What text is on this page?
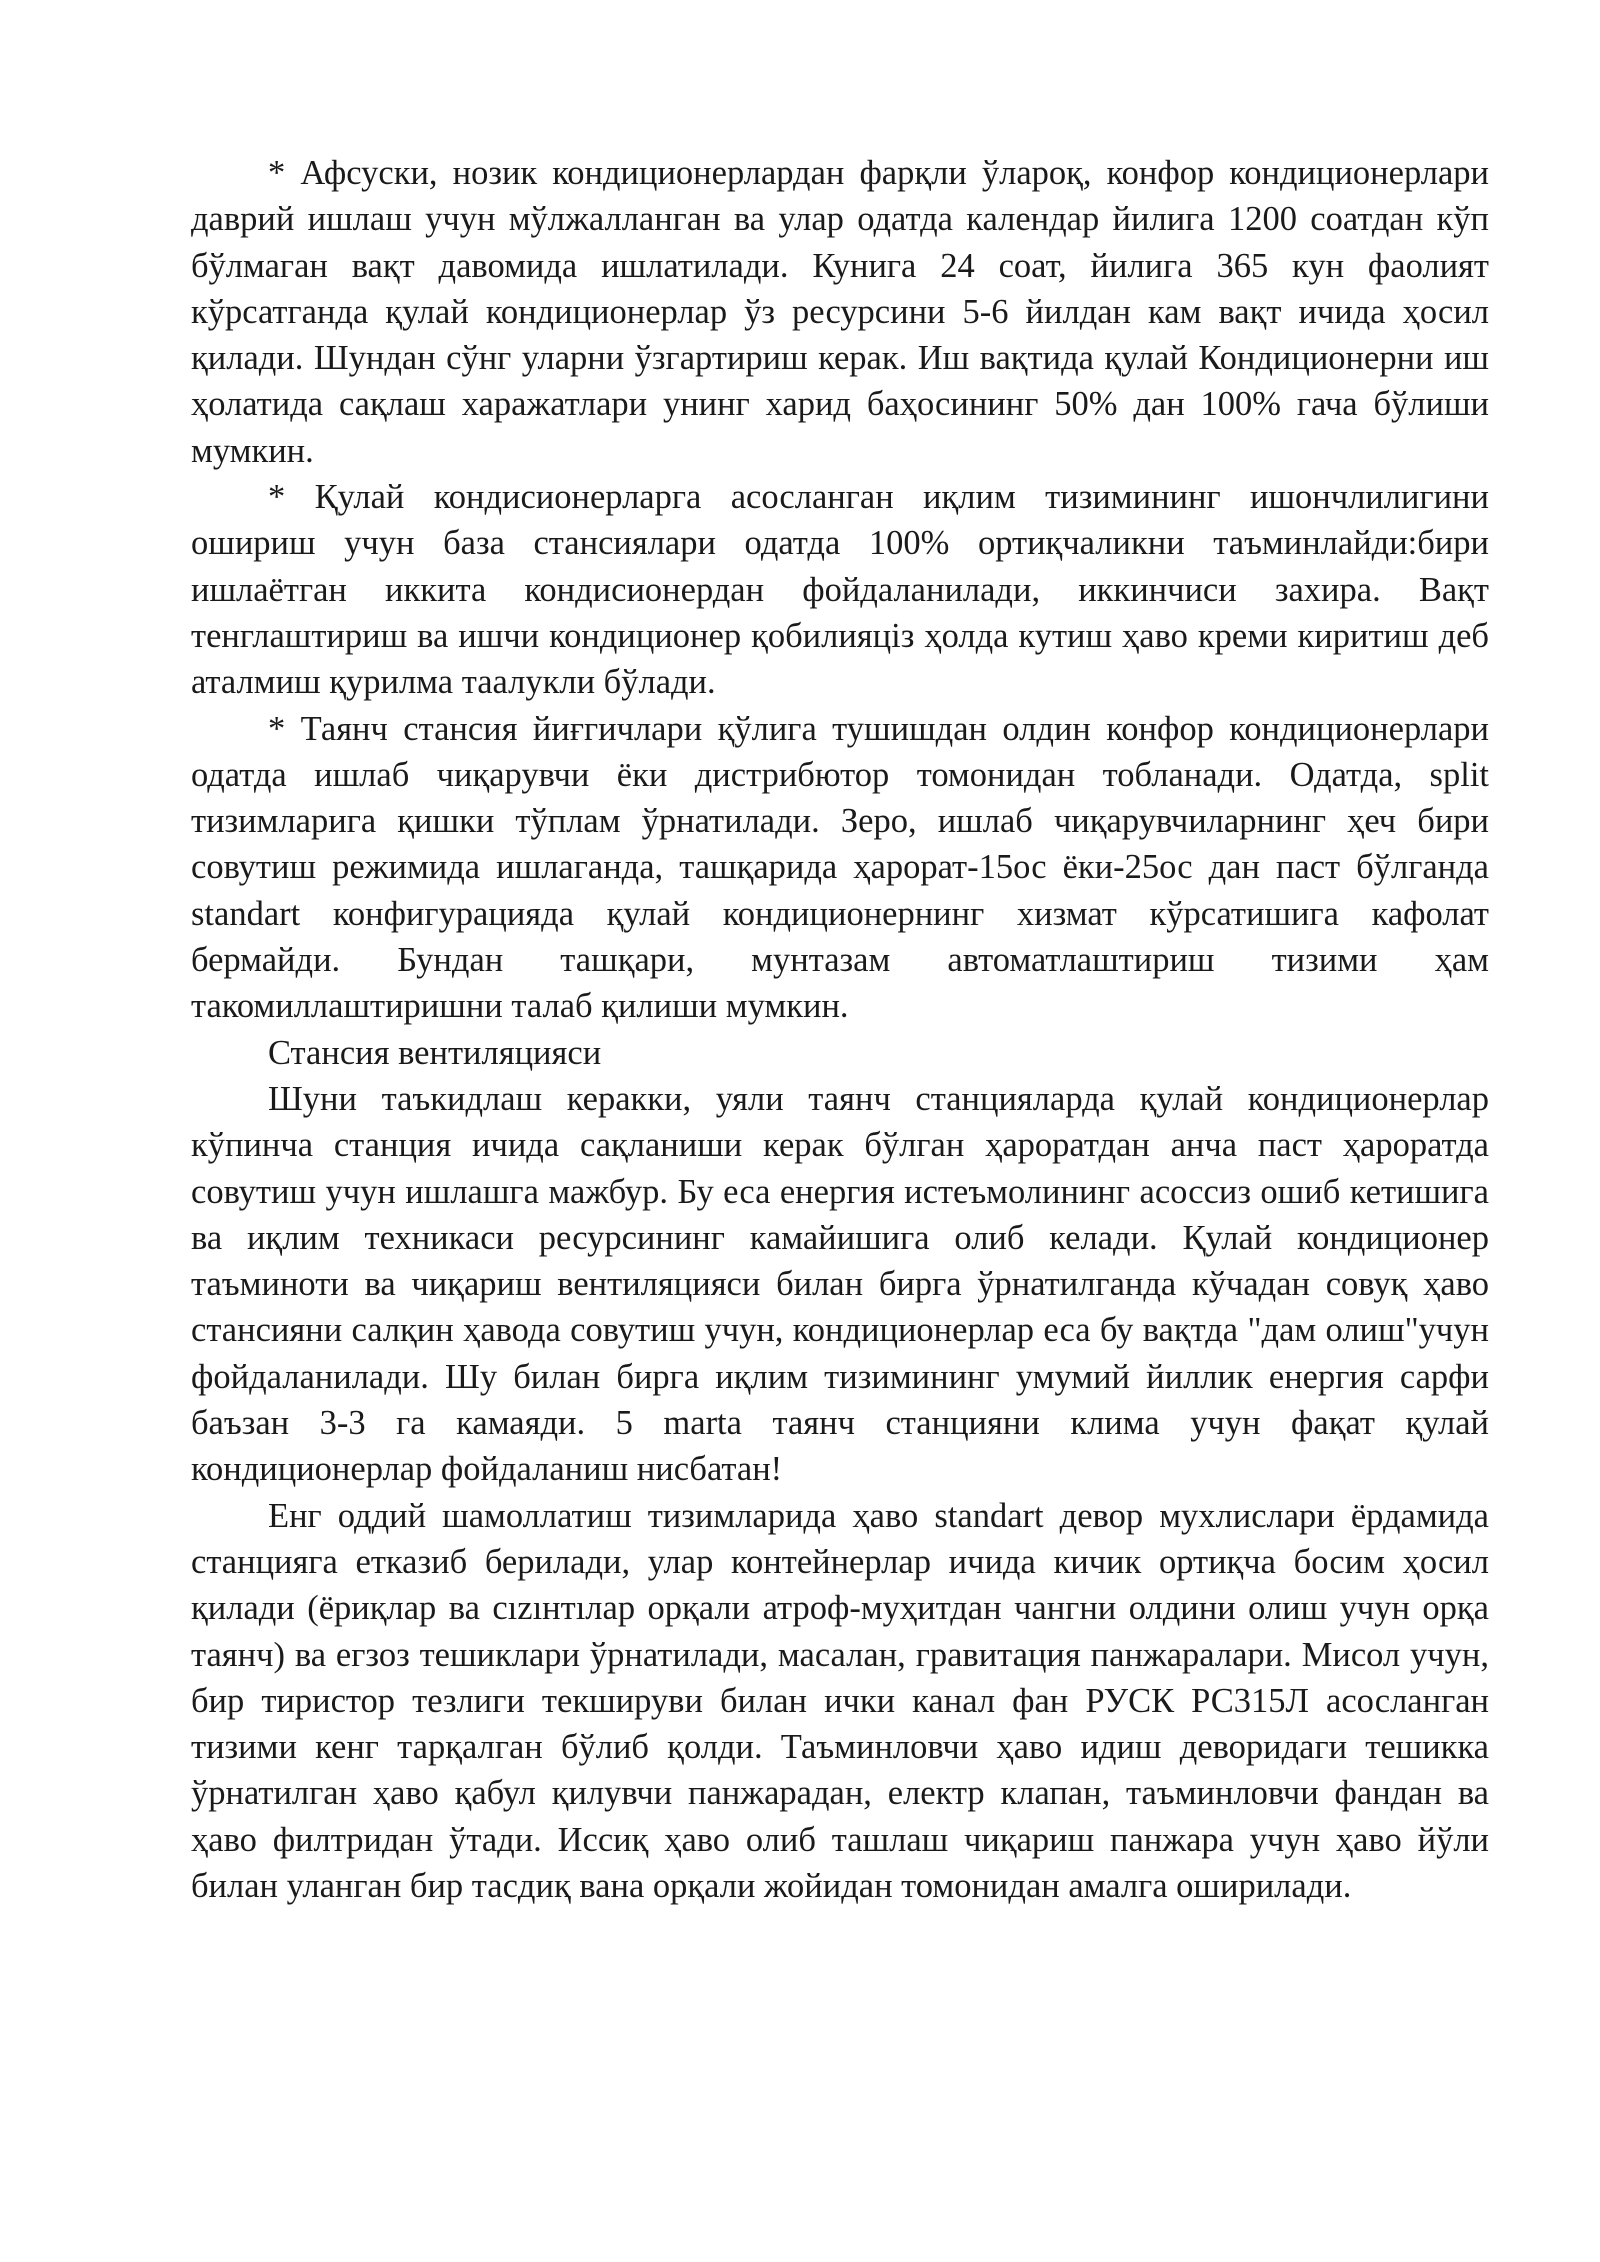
* Афсуски, нозик кондиционерлардан фарқли ўлароқ, конфор кондиционерлари даврий ишлаш учун мўлжалланган ва улар одатда календар йилига 1200 соатдан кўп бўлмаган вақт давомида ишлатилади. Кунига 24 соат, йилига 365 кун фаолият кўрсатганда қулай кондиционерлар ўз ресурсини 5-6 йилдан кам вақт ичида ҳосил қилади. Шундан сўнг уларни ўзгартириш керак. Иш вақтида қулай Кондиционерни иш ҳолатида сақлаш харажатлари унинг харид баҳосининг 50% дан 100% гача бўлиши мумкин.

* Қулай кондисионерларга асосланган иқлим тизимининг ишончлилигини ошириш учун база стансиялари одатда 100% ортиқчаликни таъминлайди:бири ишлаётган иккита кондисионердан фойдаланилади, иккинчиси захира. Вақт тенглаштириш ва ишчи кондиционер қобилияцiз ҳолда кутиш ҳаво креми киритиш деб аталмиш қурилма таалукли бўлади.

* Таянч стансия йиғгичлари қўлига тушишдан олдин конфор кондиционерлари одатда ишлаб чиқарувчи ёки дистрибютор томонидан тобланади. Одатда, split тизимларига қишки тўплам ўрнатилади. Зеро, ишлаб чиқарувчиларнинг ҳеч бири совутиш режимида ишлаганда, ташқарида ҳарорат-15ос ёки-25ос дан паст бўлганда standart конфигурацияда қулай кондиционернинг хизмат кўрсатишига кафолат бермайди. Бундан ташқари, мунтазам автоматлаштириш тизими ҳам такомиллаштиришни талаб қилиши мумкин.

Стансия вентиляцияси

Шуни таъкидлаш керакки, уяли таянч станцияларда қулай кондиционерлар кўпинча станция ичида сақланиши керак бўлган ҳароратдан анча паст ҳароратда совутиш учун ишлашга мажбур. Бу еса енергия истеъмолининг асоссиз ошиб кетишига ва иқлим техникаси ресурсининг камайишига олиб келади. Қулай кондиционер таъминоти ва чиқариш вентиляцияси билан бирга ўрнатилганда кўчадан совуқ ҳаво стансияни салқин ҳавода совутиш учун, кондиционерлар еса бу вақтда "дам олиш"учун фойдаланилади. Шу билан бирга иқлим тизимининг умумий йиллик енергия сарфи баъзан 3-3 га камаяди. 5 marta таянч станцияни клима учун фақат қулай кондиционерлар фойдаланиш нисбатан!

Енг оддий шамоллатиш тизимларида ҳаво standart девор мухлислари ёрдамида станцияга етказиб берилади, улар контейнерлар ичида кичик ортиқча босим ҳосил қилади (ёриқлар ва сızıнтıлар орқали атроф-муҳитдан чангни олдини олиш учун орқа таянч) ва егзоз тешиклари ўрнатилади, масалан, гравитация панжаралари. Мисол учун, бир тиристор тезлиги текшируви билан ички канал фан РУСК РС315Л асосланган тизими кенг тарқалган бўлиб қолди. Таъминловчи ҳаво идиш деворидаги тешикка ўрнатилган ҳаво қабул қилувчи панжарадан, електр клапан, таъминловчи фандан ва ҳаво филтридан ўтади. Иссиқ ҳаво олиб ташлаш чиқариш панжара учун ҳаво йўли билан уланган бир тасдиқ вана орқали жойидан томонидан амалга оширилади.
